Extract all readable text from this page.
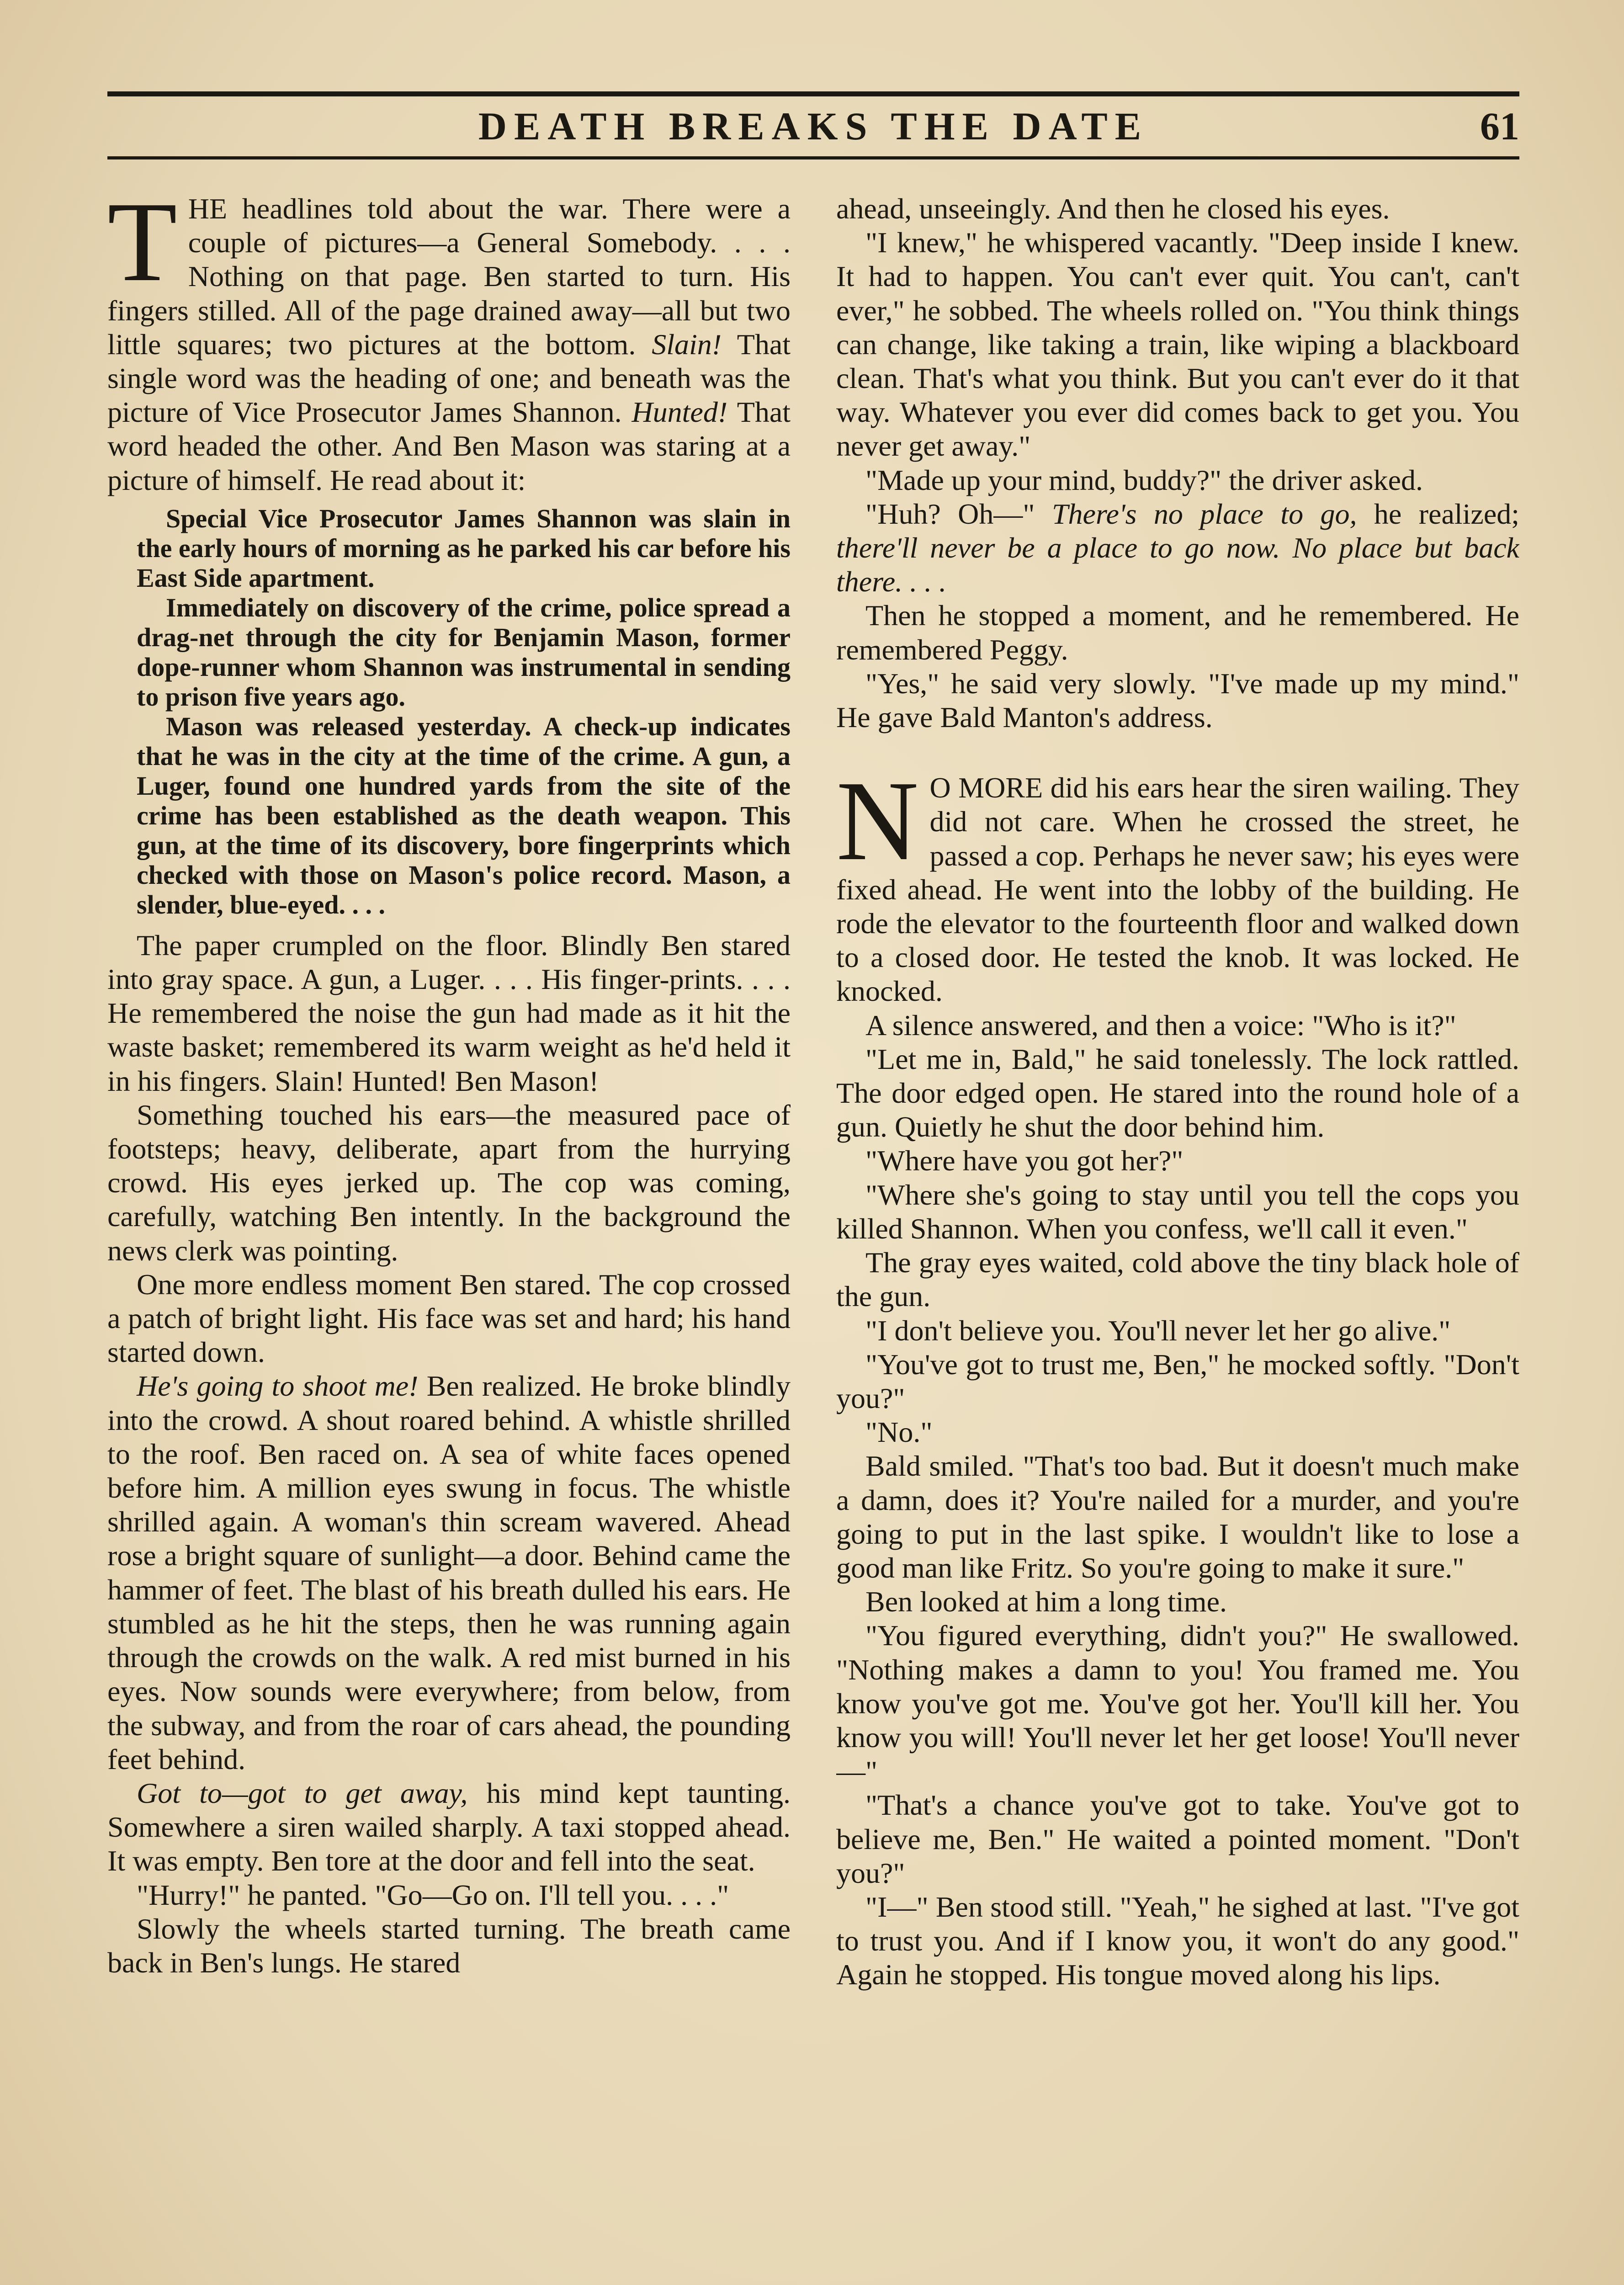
DEATH BREAKS THE DATE	61

THE headlines told about the war. There were a couple of pictures—a General Somebody. . . . Nothing on that page. Ben started to turn. His fingers stilled. All of the page drained away—all but two little squares; two pictures at the bottom. Slain! That single word was the heading of one; and beneath was the picture of Vice Prosecutor James Shannon. Hunted! That word headed the other. And Ben Mason was staring at a picture of himself. He read about it:

Special Vice Prosecutor James Shannon was slain in the early hours of morning as he parked his car before his East Side apartment.

Immediately on discovery of the crime, police spread a drag-net through the city for Benjamin Mason, former dope-runner whom Shannon was instrumental in sending to prison five years ago.

Mason was released yesterday. A check-up indicates that he was in the city at the time of the crime. A gun, a Luger, found one hundred yards from the site of the crime has been established as the death weapon. This gun, at the time of its discovery, bore fingerprints which checked with those on Mason's police record. Mason, a slender, blue-eyed. . . .

The paper crumpled on the floor. Blindly Ben stared into gray space. A gun, a Luger. . . . His finger-prints. . . . He remembered the noise the gun had made as it hit the waste basket; remembered its warm weight as he'd held it in his fingers. Slain! Hunted! Ben Mason!

Something touched his ears—the measured pace of footsteps; heavy, deliberate, apart from the hurrying crowd. His eyes jerked up. The cop was coming, carefully, watching Ben intently. In the background the news clerk was pointing.

One more endless moment Ben stared. The cop crossed a patch of bright light. His face was set and hard; his hand started down.

He's going to shoot me! Ben realized. He broke blindly into the crowd. A shout roared behind. A whistle shrilled to the roof. Ben raced on. A sea of white faces opened before him. A million eyes swung in focus. The whistle shrilled again. A woman's thin scream wavered. Ahead rose a bright square of sunlight—a door. Behind came the hammer of feet. The blast of his breath dulled his ears. He stumbled as he hit the steps, then he was running again through the crowds on the walk. A red mist burned in his eyes. Now sounds were everywhere; from below, from the subway, and from the roar of cars ahead, the pounding feet behind.

Got to—got to get away, his mind kept taunting. Somewhere a siren wailed sharply. A taxi stopped ahead. It was empty. Ben tore at the door and fell into the seat.

"Hurry!" he panted. "Go—Go on. I'll tell you. . . ."

Slowly the wheels started turning. The breath came back in Ben's lungs. He stared

ahead, unseeingly. And then he closed his eyes.

"I knew," he whispered vacantly. "Deep inside I knew. It had to happen. You can't ever quit. You can't, can't ever," he sobbed. The wheels rolled on. "You think things can change, like taking a train, like wiping a blackboard clean. That's what you think. But you can't ever do it that way. Whatever you ever did comes back to get you. You never get away."

"Made up your mind, buddy?" the driver asked.

"Huh? Oh—" There's no place to go, he realized; there'll never be a place to go now. No place but back there. . . .

Then he stopped a moment, and he remembered. He remembered Peggy.

"Yes," he said very slowly. "I've made up my mind." He gave Bald Manton's address.

N O MORE did his ears hear the siren wailing. They did not care. When he crossed the street, he passed a cop. Perhaps he never saw; his eyes were fixed ahead. He went into the lobby of the building. He rode the elevator to the fourteenth floor and walked down to a closed door. He tested the knob. It was locked. He knocked.

A silence answered, and then a voice: "Who is it?"

"Let me in, Bald," he said tonelessly. The lock rattled. The door edged open. He stared into the round hole of a gun. Quietly he shut the door behind him.

"Where have you got her?"

"Where she's going to stay until you tell the cops you killed Shannon. When you confess, we'll call it even."

The gray eyes waited, cold above the tiny black hole of the gun.

"I don't believe you. You'll never let her go alive."

"You've got to trust me, Ben," he mocked softly. "Don't you?"

"No."

Bald smiled. "That's too bad. But it doesn't much make a damn, does it? You're nailed for a murder, and you're going to put in the last spike. I wouldn't like to lose a good man like Fritz. So you're going to make it sure."

Ben looked at him a long time.

"You figured everything, didn't you?" He swallowed. "Nothing makes a damn to you! You framed me. You know you've got me. You've got her. You'll kill her. You know you will! You'll never let her get loose! You'll never—"

"That's a chance you've got to take. You've got to believe me, Ben." He waited a pointed moment. "Don't you?"

"I—" Ben stood still. "Yeah," he sighed at last. "I've got to trust you. And if I know you, it won't do any good." Again he stopped. His tongue moved along his lips.
